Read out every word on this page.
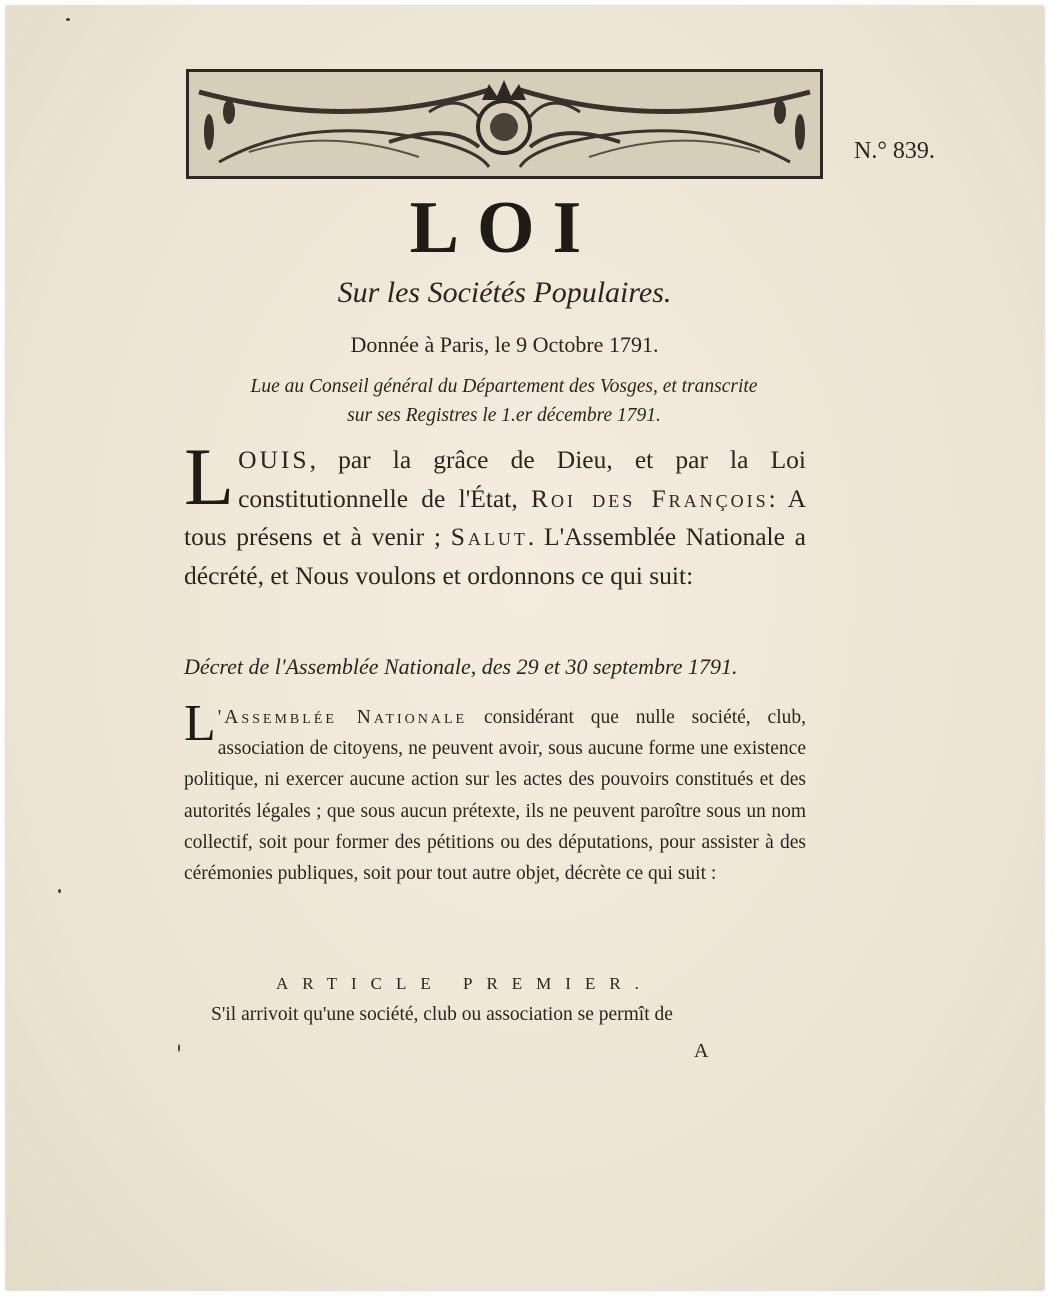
N.° 839.
LOI
Sur les Sociétés Populaires.
Donnée à Paris, le 9 Octobre 1791.
Lue au Conseil général du Département des Vosges, et transcrite
sur ses Registres le 1.er décembre 1791.
LOUIS, par la grâce de Dieu, et par la Loi constitutionnelle de l'État, Roi des François: A tous présens et à venir ; Salut. L'Assemblée Nationale a décrété, et Nous voulons et ordonnons ce qui suit:
Décret de l'Assemblée Nationale, des 29 et 30 septembre 1791.
L 'Assemblée Nationale considérant que nulle société, club, association de citoyens, ne peuvent avoir, sous aucune forme une existence politique, ni exercer aucune action sur les actes des pouvoirs constitués et des autorités légales ; que sous aucun prétexte, ils ne peuvent paroître sous un nom collectif, soit pour former des pétitions ou des députations, pour assister à des cérémonies publiques, soit pour tout autre objet, décrète ce qui suit :
ARTICLE PREMIER.
S'il arrivoit qu'une société, club ou association se permît de
A
